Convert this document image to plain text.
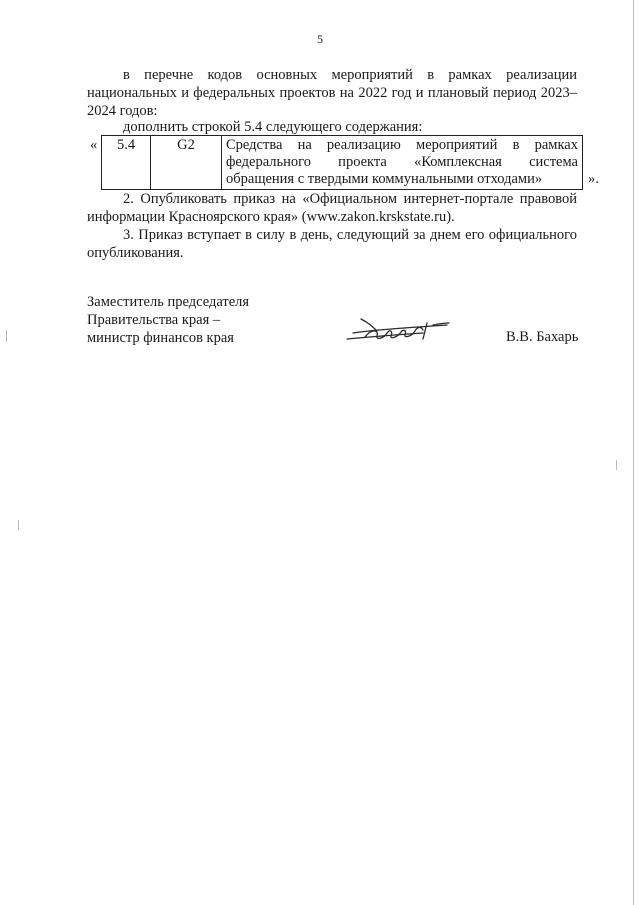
5
в перечне кодов основных мероприятий в рамках реализации национальных и федеральных проектов на 2022 год и плановый период 2023–2024 годов:
дополнить строкой 5.4 следующего содержания:
« 5.4	G2	Средства на реализацию мероприятий в рамках
федерального проекта «Комплексная система
обращения с твердыми коммунальными отходами»	».
2. Опубликовать приказ на «Официальном интернет-портале правовой информации Красноярского края» (www.zakon.krskstate.ru).
3. Приказ вступает в силу в день, следующий за днем его официального опубликования.
Заместитель председателя
Правительства края –
министр финансов края	В.В. Бахарь
